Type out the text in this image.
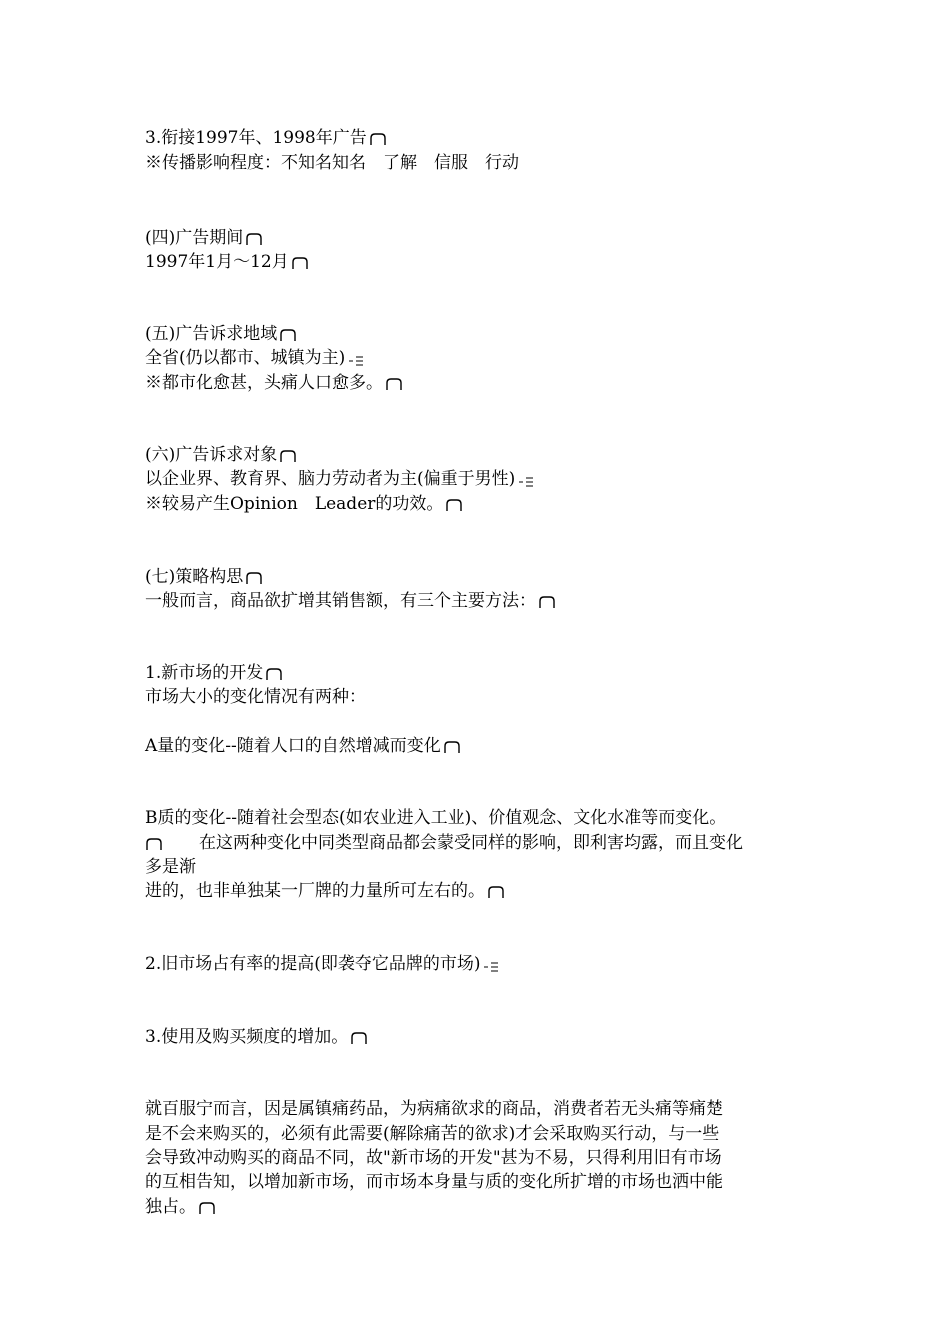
3.衔接1997年、1998年广告
※传播影响程度：不知名知名　了解　信服　行动
(四)广告期间
1997年1月～12月
(五)广告诉求地域
全省(仍以都市、城镇为主)
※都市化愈甚，头痛人口愈多。
(六)广告诉求对象
以企业界、教育界、脑力劳动者为主(偏重于男性)
※较易产生Opinion　Leader的功效。
(七)策略构思
一般而言，商品欲扩增其销售额，有三个主要方法：
1.新市场的开发
市场大小的变化情况有两种：
A量的变化--随着人口的自然增减而变化
B质的变化--随着社会型态(如农业进入工业)、价值观念、文化水准等而变化。
　　在这两种变化中同类型商品都会蒙受同样的影响，即利害均露，而且变化
多是渐
进的，也非单独某一厂牌的力量所可左右的。
2.旧市场占有率的提高(即袭夺它品牌的市场)
3.使用及购买频度的增加。
就百服宁而言，因是属镇痛药品，为病痛欲求的商品，消费者若无头痛等痛楚
是不会来购买的，必须有此需要(解除痛苦的欲求)才会采取购买行动，与一些
会导致冲动购买的商品不同，故"新市场的开发"甚为不易，只得利用旧有市场
的互相告知，以增加新市场，而市场本身量与质的变化所扩增的市场也洒中能
独占。
